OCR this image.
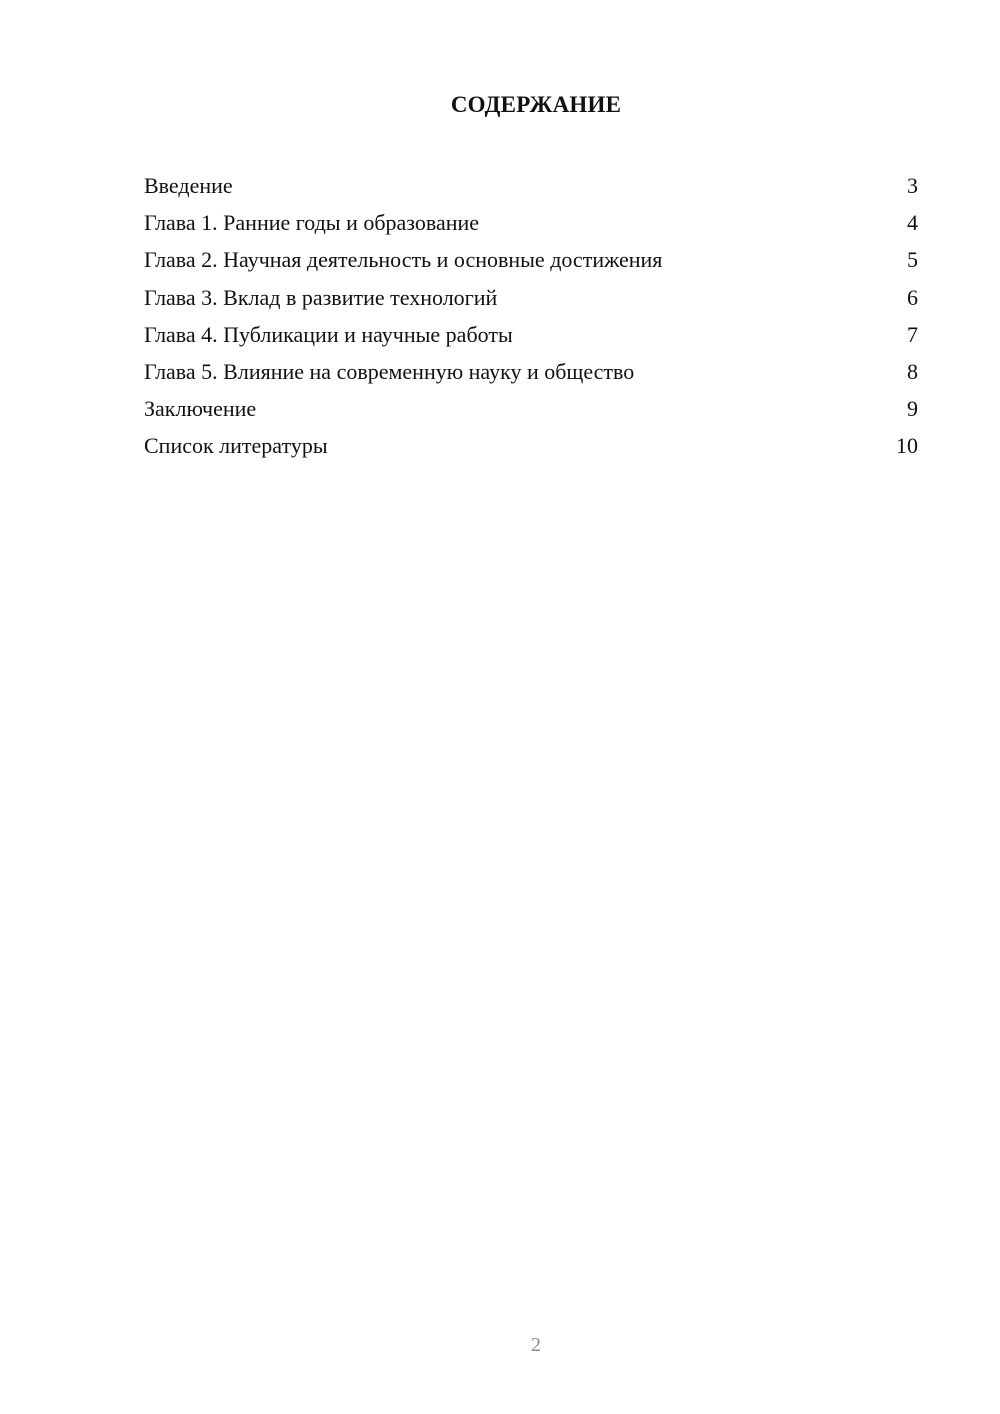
СОДЕРЖАНИЕ
Введение	3
Глава 1. Ранние годы и образование	4
Глава 2. Научная деятельность и основные достижения	5
Глава 3. Вклад в развитие технологий	6
Глава 4. Публикации и научные работы	7
Глава 5. Влияние на современную науку и общество	8
Заключение	9
Список литературы	10
2
